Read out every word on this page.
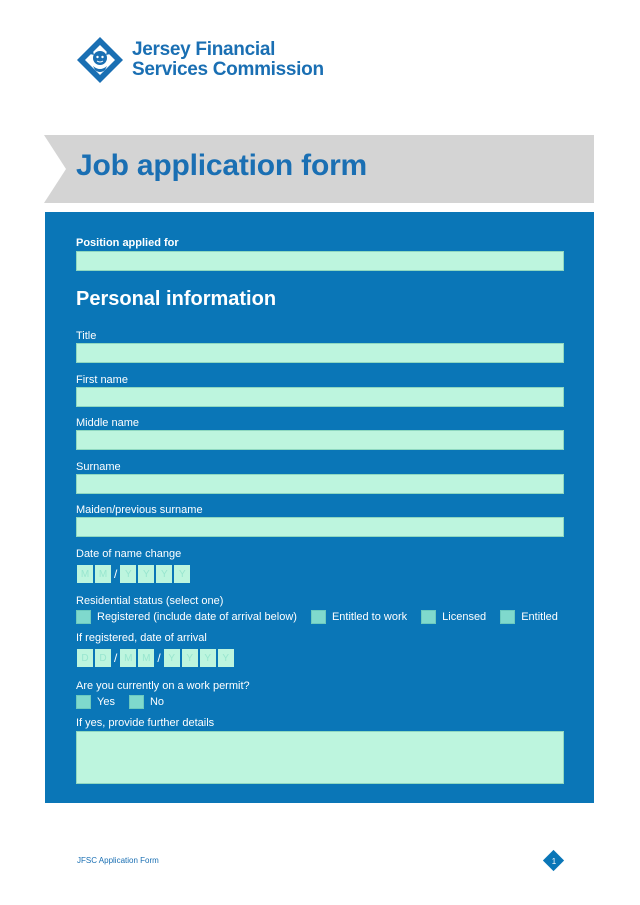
Jersey Financial
Services Commission
Job application form
Position applied for
Personal information
Title
First name
Middle name
Surname
Maiden/previous surname
Date of name change
M M / Y	Y	Y	Y
Residential status (select one)
Registered (include date of arrival below)	Entitled to work	Licensed	Entitled
If registered, date of arrival
D	D / M M / Y	Y	Y	Y
Are you currently on a work permit?
Yes	No
If yes, provide further details
JFSC Application Form	1
